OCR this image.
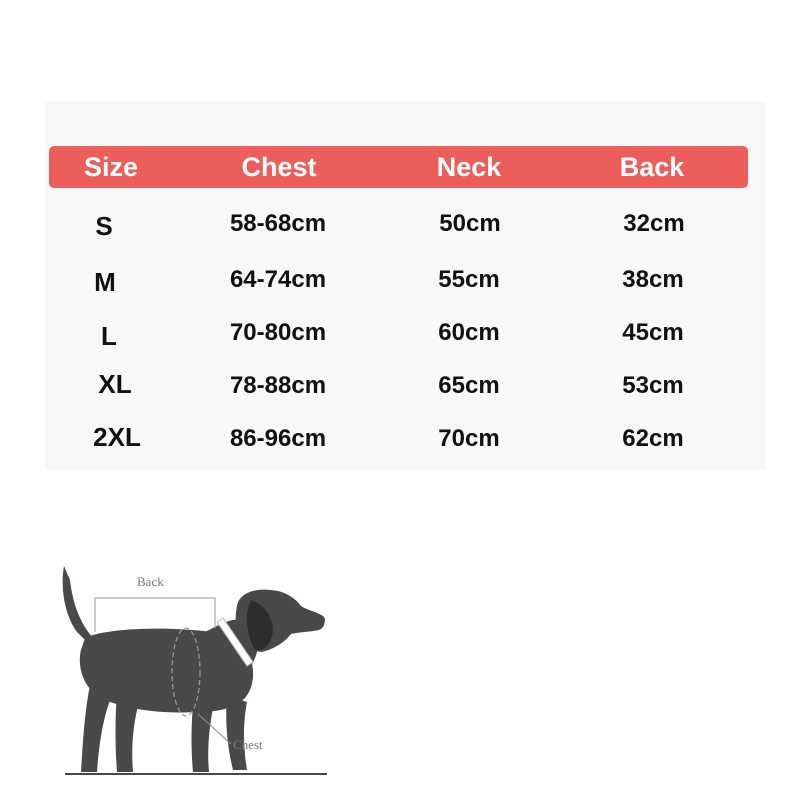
Size	Chest	Neck	Back
S	58-68cm	50cm	32cm
M	64-74cm	55cm	38cm
L	70-80cm	60cm	45cm
XL	78-88cm	65cm	53cm
2XL	86-96cm	70cm	62cm
Back
Chest
